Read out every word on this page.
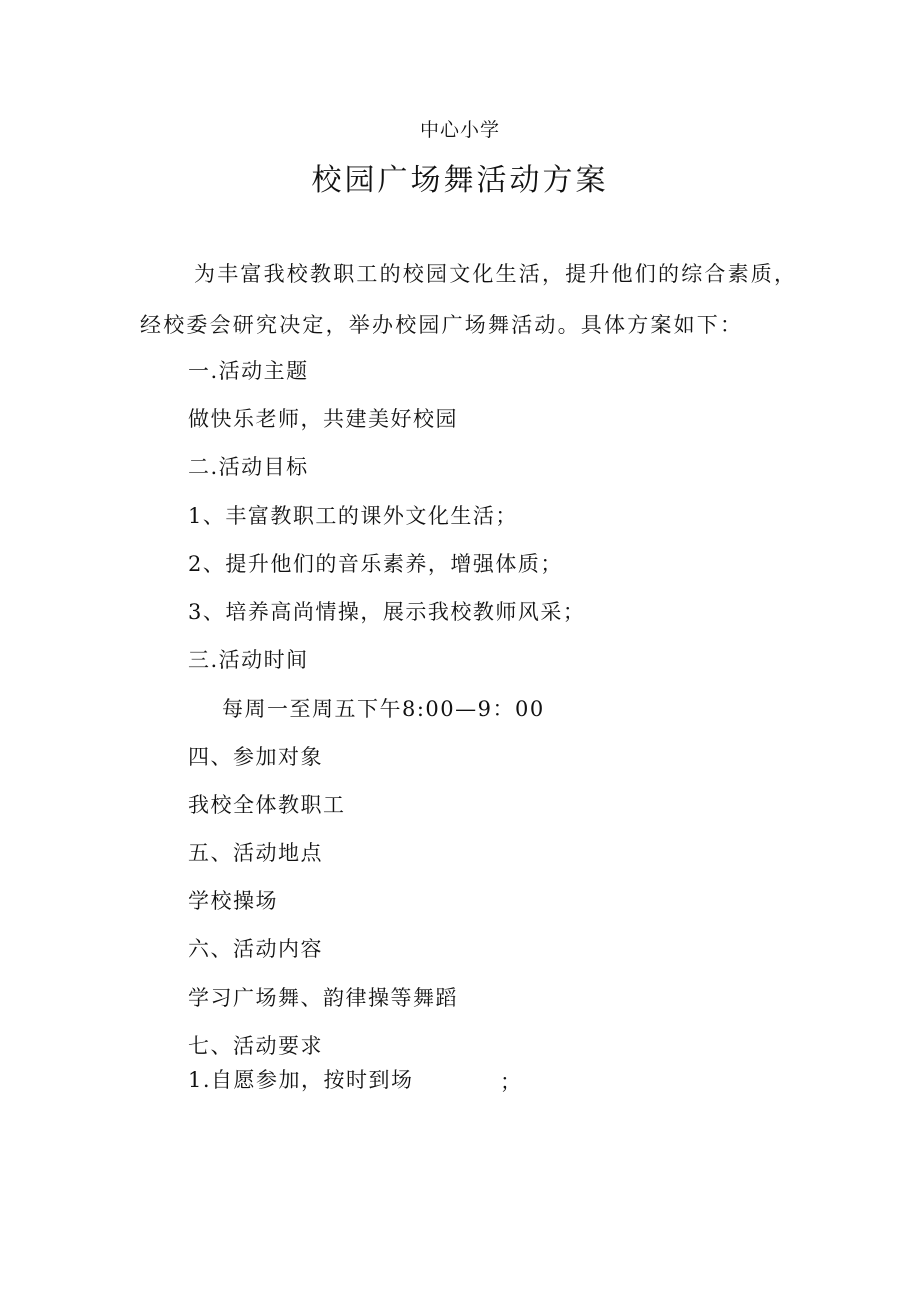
中心小学
校园广场舞活动方案
为丰富我校教职工的校园文化生活，提升他们的综合素质，
经校委会研究决定，举办校园广场舞活动。具体方案如下：
一.活动主题
做快乐老师，共建美好校园
二.活动目标
1、丰富教职工的课外文化生活；
2、提升他们的音乐素养，增强体质；
3、培养高尚情操，展示我校教师风采；
三.活动时间
每周一至周五下午8:00—9：00
四、参加对象
我校全体教职工
五、活动地点
学校操场
六、活动内容
学习广场舞、韵律操等舞蹈
七、活动要求
1.自愿参加，按时到场	；
